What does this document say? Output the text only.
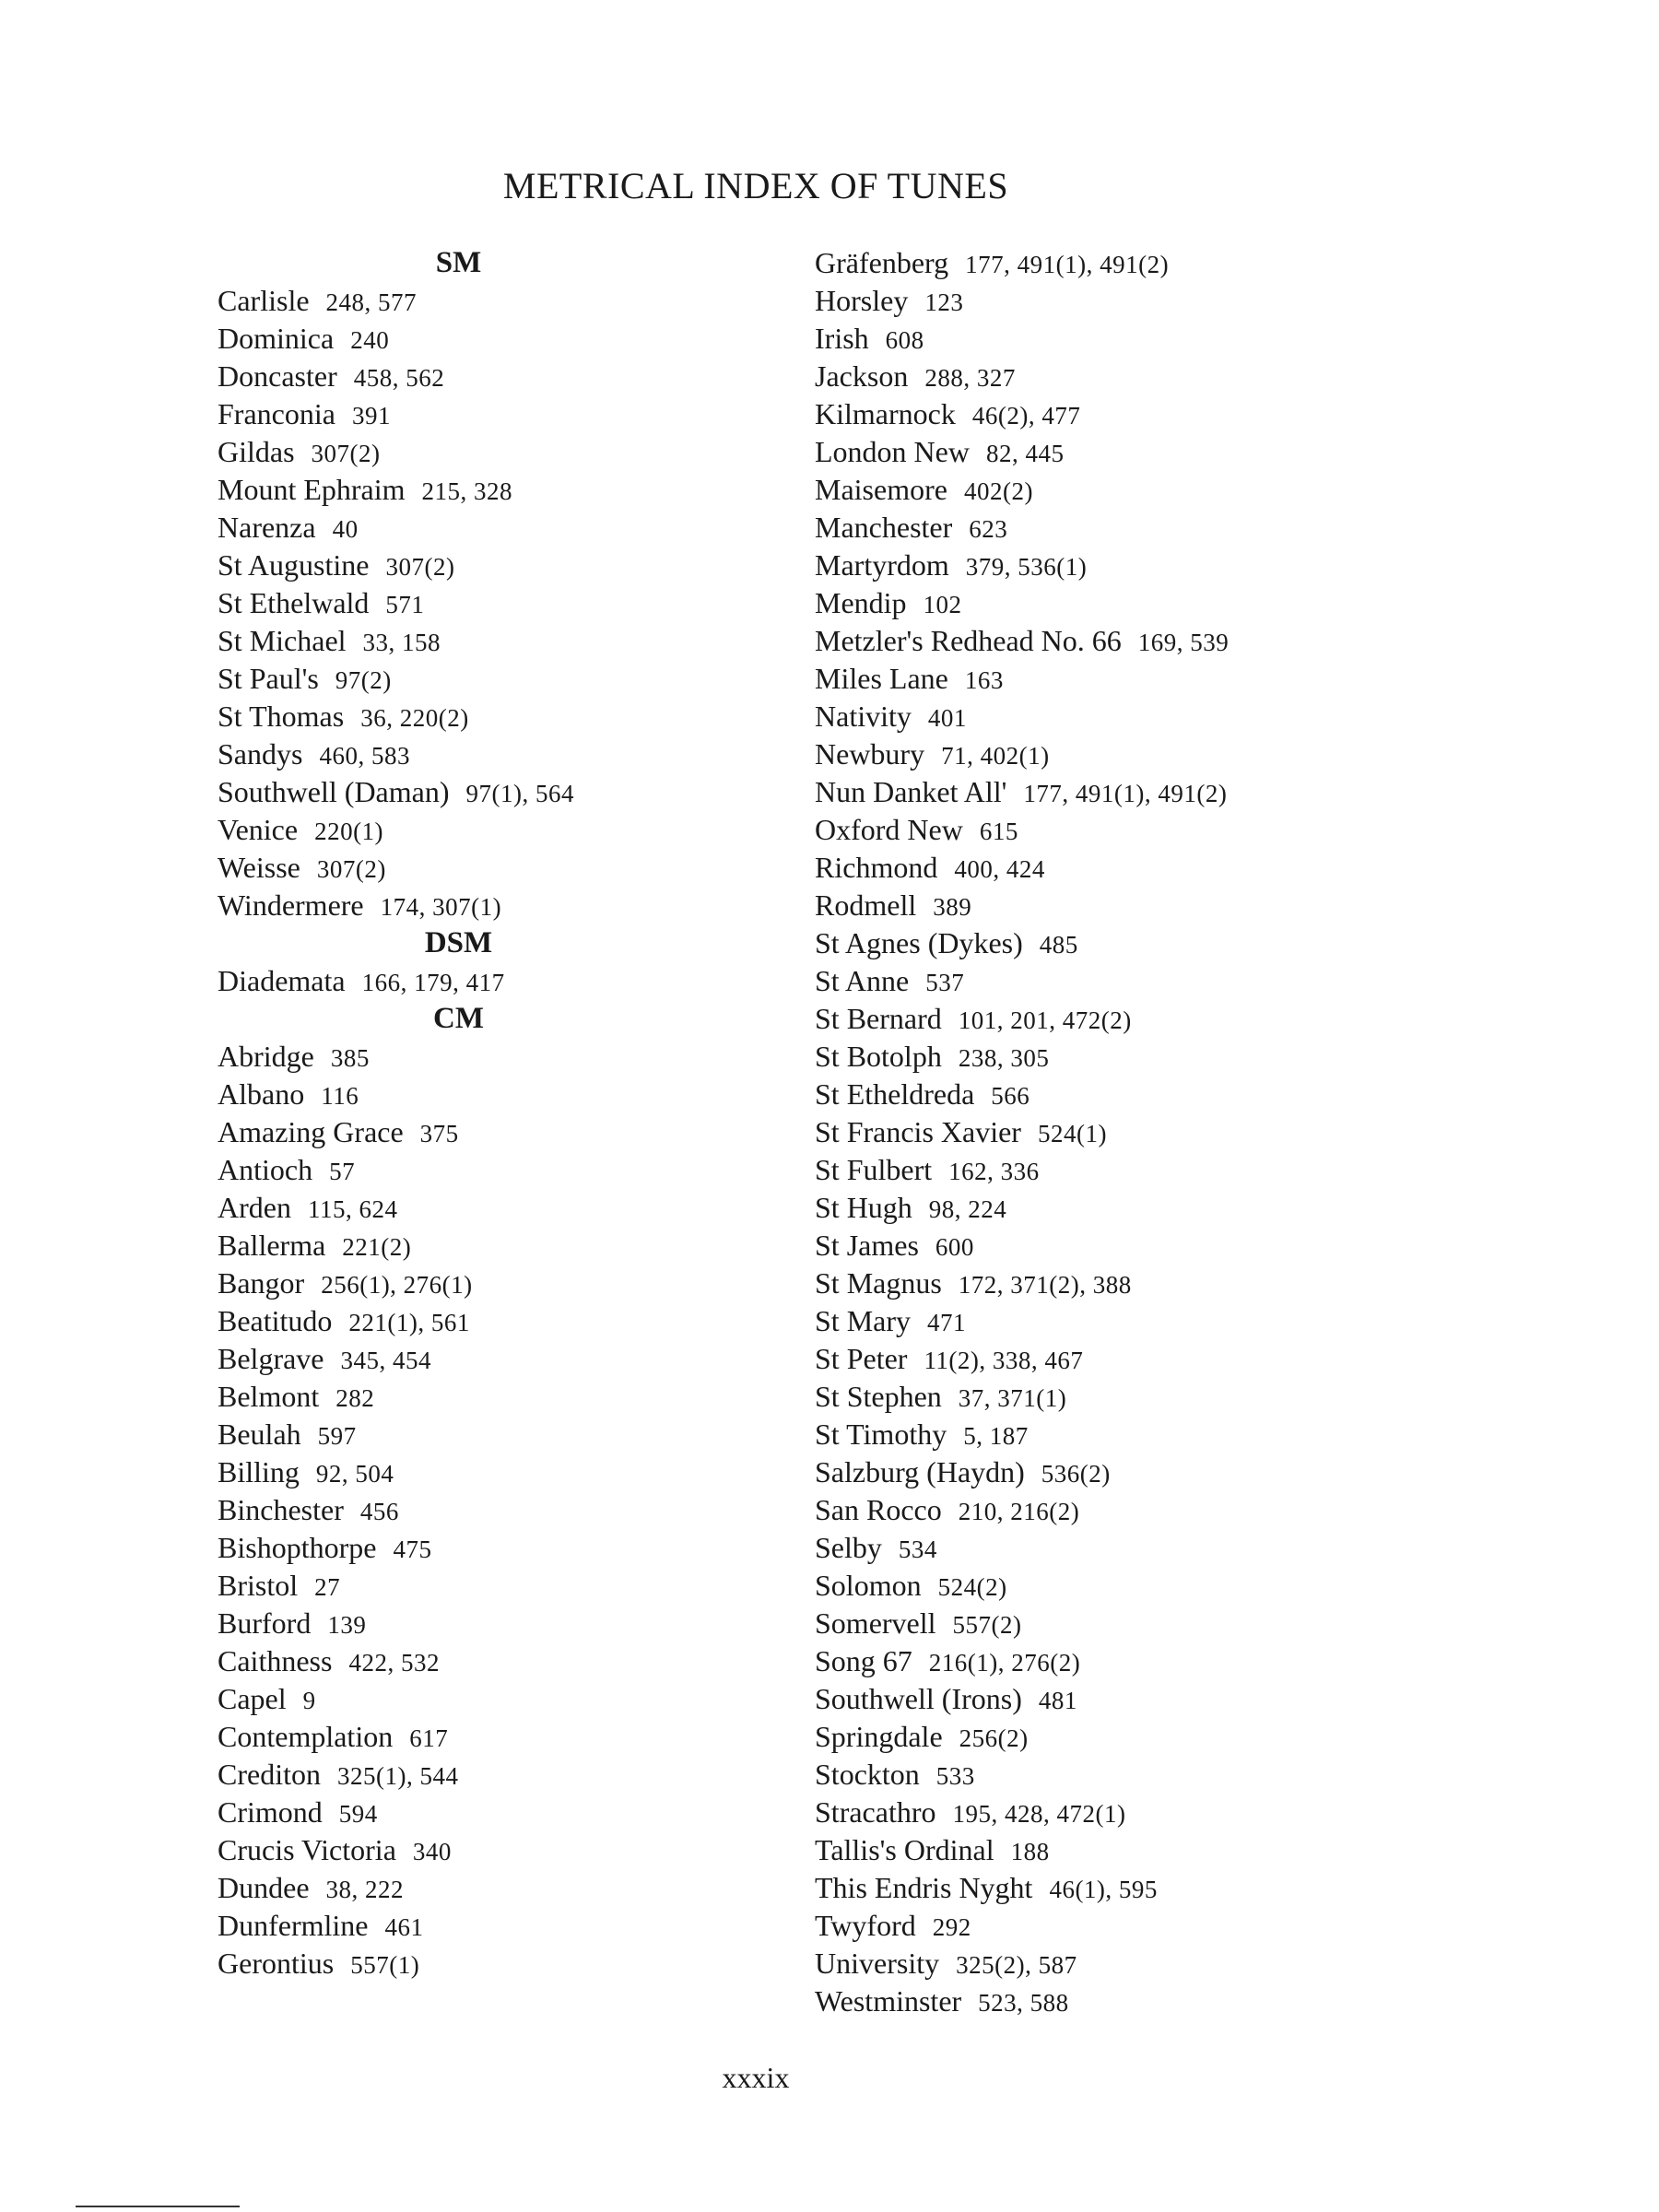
METRICAL INDEX OF TUNES
SM
Carlisle 248, 577
Dominica 240
Doncaster 458, 562
Franconia 391
Gildas 307(2)
Mount Ephraim 215, 328
Narenza 40
St Augustine 307(2)
St Ethelwald 571
St Michael 33, 158
St Paul's 97(2)
St Thomas 36, 220(2)
Sandys 460, 583
Southwell (Daman) 97(1), 564
Venice 220(1)
Weisse 307(2)
Windermere 174, 307(1)
DSM
Diademata 166, 179, 417
CM
Abridge 385
Albano 116
Amazing Grace 375
Antioch 57
Arden 115, 624
Ballerma 221(2)
Bangor 256(1), 276(1)
Beatitudo 221(1), 561
Belgrave 345, 454
Belmont 282
Beulah 597
Billing 92, 504
Binchester 456
Bishopthorpe 475
Bristol 27
Burford 139
Caithness 422, 532
Capel 9
Contemplation 617
Crediton 325(1), 544
Crimond 594
Crucis Victoria 340
Dundee 38, 222
Dunfermline 461
Gerontius 557(1)
Gräfenberg 177, 491(1), 491(2)
Horsley 123
Irish 608
Jackson 288, 327
Kilmarnock 46(2), 477
London New 82, 445
Maisemore 402(2)
Manchester 623
Martyrdom 379, 536(1)
Mendip 102
Metzler's Redhead No. 66 169, 539
Miles Lane 163
Nativity 401
Newbury 71, 402(1)
Nun Danket All' 177, 491(1), 491(2)
Oxford New 615
Richmond 400, 424
Rodmell 389
St Agnes (Dykes) 485
St Anne 537
St Bernard 101, 201, 472(2)
St Botolph 238, 305
St Etheldreda 566
St Francis Xavier 524(1)
St Fulbert 162, 336
St Hugh 98, 224
St James 600
St Magnus 172, 371(2), 388
St Mary 471
St Peter 11(2), 338, 467
St Stephen 37, 371(1)
St Timothy 5, 187
Salzburg (Haydn) 536(2)
San Rocco 210, 216(2)
Selby 534
Solomon 524(2)
Somervell 557(2)
Song 67 216(1), 276(2)
Southwell (Irons) 481
Springdale 256(2)
Stockton 533
Stracathro 195, 428, 472(1)
Tallis's Ordinal 188
This Endris Nyght 46(1), 595
Twyford 292
University 325(2), 587
Westminster 523, 588
xxxix
